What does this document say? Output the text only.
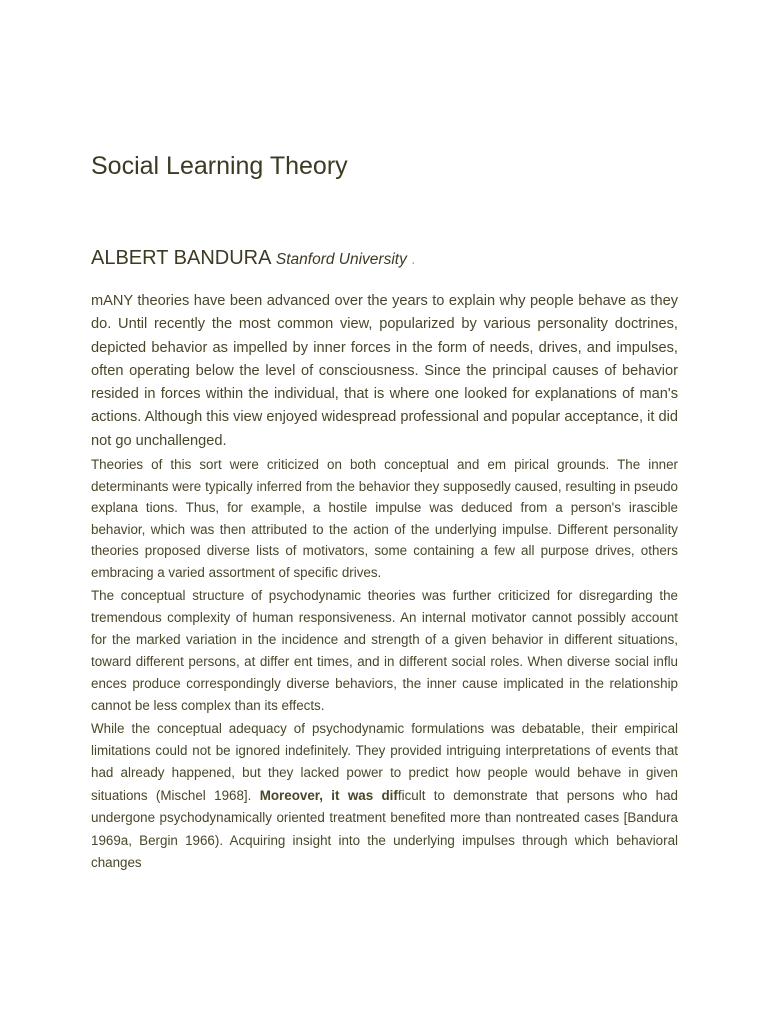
Social Learning Theory
ALBERT BANDURA Stanford University .

mANY theories have been advanced over the years to explain why people behave as they do. Until recently the most common view, popularized by various personality doctrines, depicted behavior as impelled by inner forces in the form of needs, drives, and impulses, often operating below the level of consciousness. Since the principal causes of behavior resided in forces within the individual, that is where one looked for explanations of man's actions. Although this view enjoyed widespread professional and popular acceptance, it did not go unchallenged.

Theories of this sort were criticized on both conceptual and em pirical grounds. The inner determinants were typically inferred from the behavior they supposedly caused, resulting in pseudo explana tions. Thus, for example, a hostile impulse was deduced from a person's irascible behavior, which was then attributed to the action of the underlying impulse. Different personality theories proposed diverse lists of motivators, some containing a few all purpose drives, others embracing a varied assortment of specific drives.

The conceptual structure of psychodynamic theories was further criticized for disregarding the tremendous complexity of human responsiveness. An internal motivator cannot possibly account for the marked variation in the incidence and strength of a given behavior in different situations, toward different persons, at differ ent times, and in different social roles. When diverse social influ ences produce correspondingly diverse behaviors, the inner cause implicated in the relationship cannot be less complex than its effects.

While the conceptual adequacy of psychodynamic formulations was debatable, their empirical limitations could not be ignored indefinitely. They provided intriguing interpretations of events that had already happened, but they lacked power to predict how people would behave in given situations (Mischel 1968]. Moreover, it was difficult to demonstrate that persons who had undergone psychodynamically oriented treatment benefited more than nontreated cases [Bandura 1969a, Bergin 1966). Acquiring insight into the underlying impulses through which behavioral changes
